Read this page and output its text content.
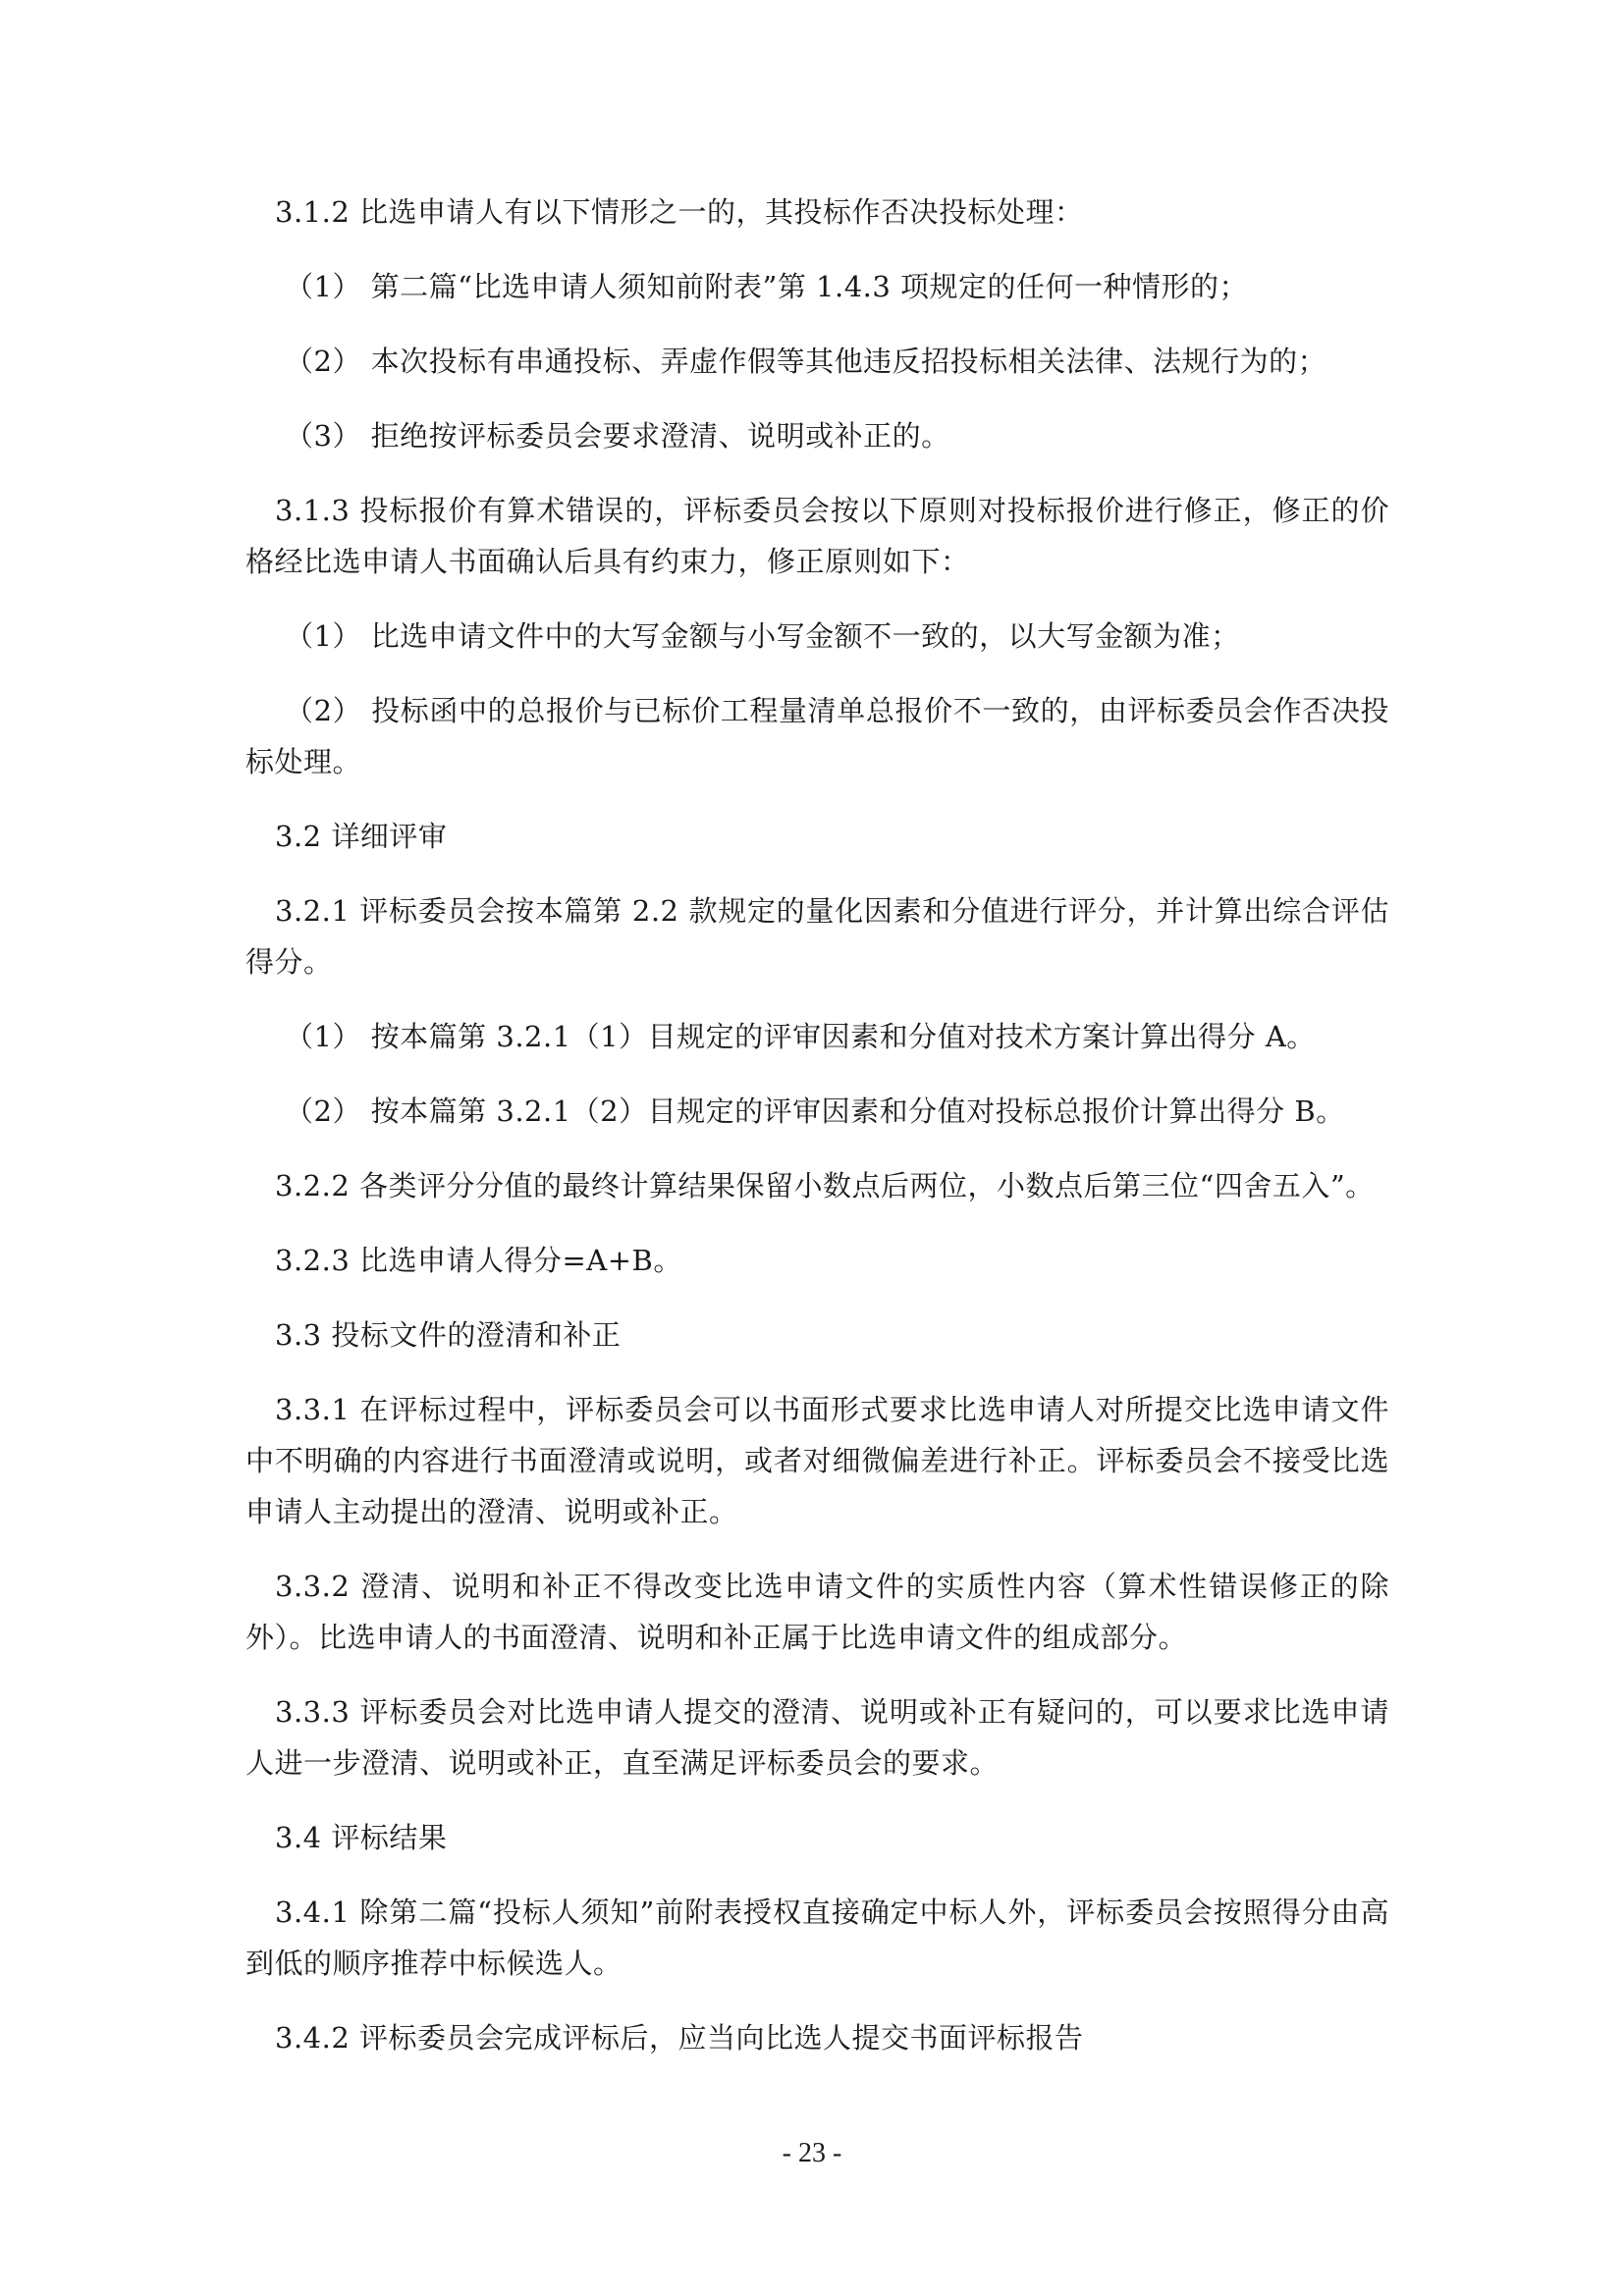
3.1.2 比选申请人有以下情形之一的，其投标作否决投标处理：

（1） 第二篇“比选申请人须知前附表”第 1.4.3 项规定的任何一种情形的；

（2） 本次投标有串通投标、弄虚作假等其他违反招投标相关法律、法规行为的；

（3） 拒绝按评标委员会要求澄清、说明或补正的。

3.1.3 投标报价有算术错误的，评标委员会按以下原则对投标报价进行修正，修正的价格经比选申请人书面确认后具有约束力，修正原则如下：

（1） 比选申请文件中的大写金额与小写金额不一致的，以大写金额为准；

（2） 投标函中的总报价与已标价工程量清单总报价不一致的，由评标委员会作否决投标处理。

3.2 详细评审

3.2.1 评标委员会按本篇第 2.2 款规定的量化因素和分值进行评分，并计算出综合评估得分。

（1） 按本篇第 3.2.1（1）目规定的评审因素和分值对技术方案计算出得分 A。

（2） 按本篇第 3.2.1（2）目规定的评审因素和分值对投标总报价计算出得分 B。

3.2.2 各类评分分值的最终计算结果保留小数点后两位，小数点后第三位“四舍五入”。

3.2.3 比选申请人得分=A+B。

3.3 投标文件的澄清和补正

3.3.1 在评标过程中，评标委员会可以书面形式要求比选申请人对所提交比选申请文件中不明确的内容进行书面澄清或说明，或者对细微偏差进行补正。评标委员会不接受比选申请人主动提出的澄清、说明或补正。

3.3.2 澄清、说明和补正不得改变比选申请文件的实质性内容（算术性错误修正的除外）。比选申请人的书面澄清、说明和补正属于比选申请文件的组成部分。

3.3.3 评标委员会对比选申请人提交的澄清、说明或补正有疑问的，可以要求比选申请人进一步澄清、说明或补正，直至满足评标委员会的要求。

3.4 评标结果

3.4.1 除第二篇“投标人须知”前附表授权直接确定中标人外，评标委员会按照得分由高到低的顺序推荐中标候选人。

3.4.2 评标委员会完成评标后，应当向比选人提交书面评标报告

- 23 -
